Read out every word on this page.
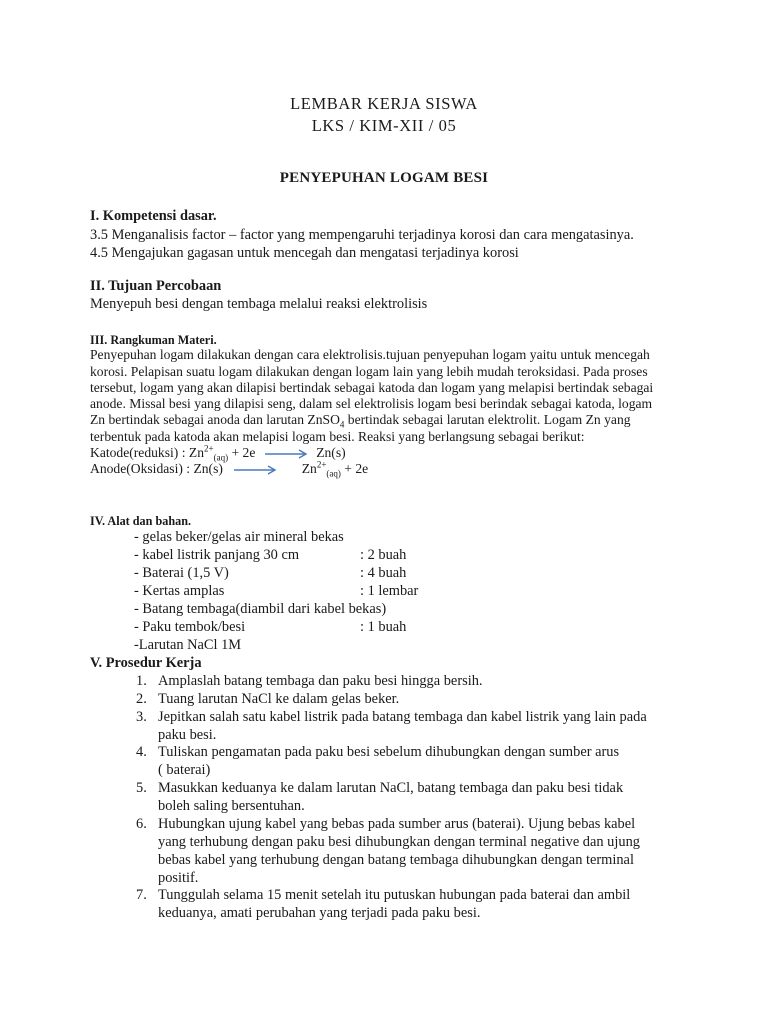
LEMBAR KERJA SISWA
LKS / KIM-XII / 05
PENYEPUHAN LOGAM BESI
I. Kompetensi dasar.
3.5 Menganalisis factor – factor yang mempengaruhi terjadinya korosi dan cara mengatasinya.
4.5 Mengajukan gagasan untuk mencegah dan mengatasi terjadinya korosi
II. Tujuan Percobaan
Menyepuh besi dengan tembaga melalui reaksi elektrolisis
III. Rangkuman Materi.
Penyepuhan logam dilakukan dengan cara elektrolisis.tujuan penyepuhan logam yaitu untuk mencegah
korosi. Pelapisan suatu logam dilakukan dengan logam lain yang lebih mudah teroksidasi. Pada proses
tersebut, logam yang akan dilapisi bertindak sebagai katoda dan logam yang melapisi bertindak sebagai
anode. Missal besi yang dilapisi seng, dalam sel elektrolisis logam besi berindak sebagai katoda, logam
Zn bertindak sebagai anoda dan larutan ZnSO$_4$ bertindak sebagai larutan elektrolit. Logam Zn yang
terbentuk pada katoda akan melapisi logam besi. Reaksi yang berlangsung sebagai berikut:
Katode(reduksi) : $Zn^{2+}_{(aq)} + 2e \to Zn(s)$
Anode(Oksidasi) : $Zn(s) \to Zn^{2+}_{(aq)} + 2e$
IV. Alat dan bahan.
- gelas beker/gelas air mineral bekas
- kabel listrik panjang 30 cm	: 2 buah
- Baterai (1,5 V)	: 4 buah
- Kertas amplas	: 1 lembar
- Batang tembaga(diambil dari kabel bekas)
- Paku tembok/besi	: 1 buah
-Larutan NaCl 1M
V. Prosedur Kerja
1. Amplaslah batang tembaga dan paku besi hingga bersih.
2. Tuang larutan NaCl ke dalam gelas beker.
3. Jepitkan salah satu kabel listrik pada batang tembaga dan kabel listrik yang lain pada
paku besi.
4. Tuliskan pengamatan pada paku besi sebelum dihubungkan dengan sumber arus
( baterai)
5. Masukkan keduanya ke dalam larutan NaCl, batang tembaga dan paku besi tidak
boleh saling bersentuhan.
6. Hubungkan ujung kabel yang bebas pada sumber arus (baterai). Ujung bebas kabel
yang terhubung dengan paku besi dihubungkan dengan terminal negative dan ujung
bebas kabel yang terhubung dengan batang tembaga dihubungkan dengan terminal
positif.
7. Tunggulah selama 15 menit setelah itu putuskan hubungan pada baterai dan ambil
keduanya, amati perubahan yang terjadi pada paku besi.
